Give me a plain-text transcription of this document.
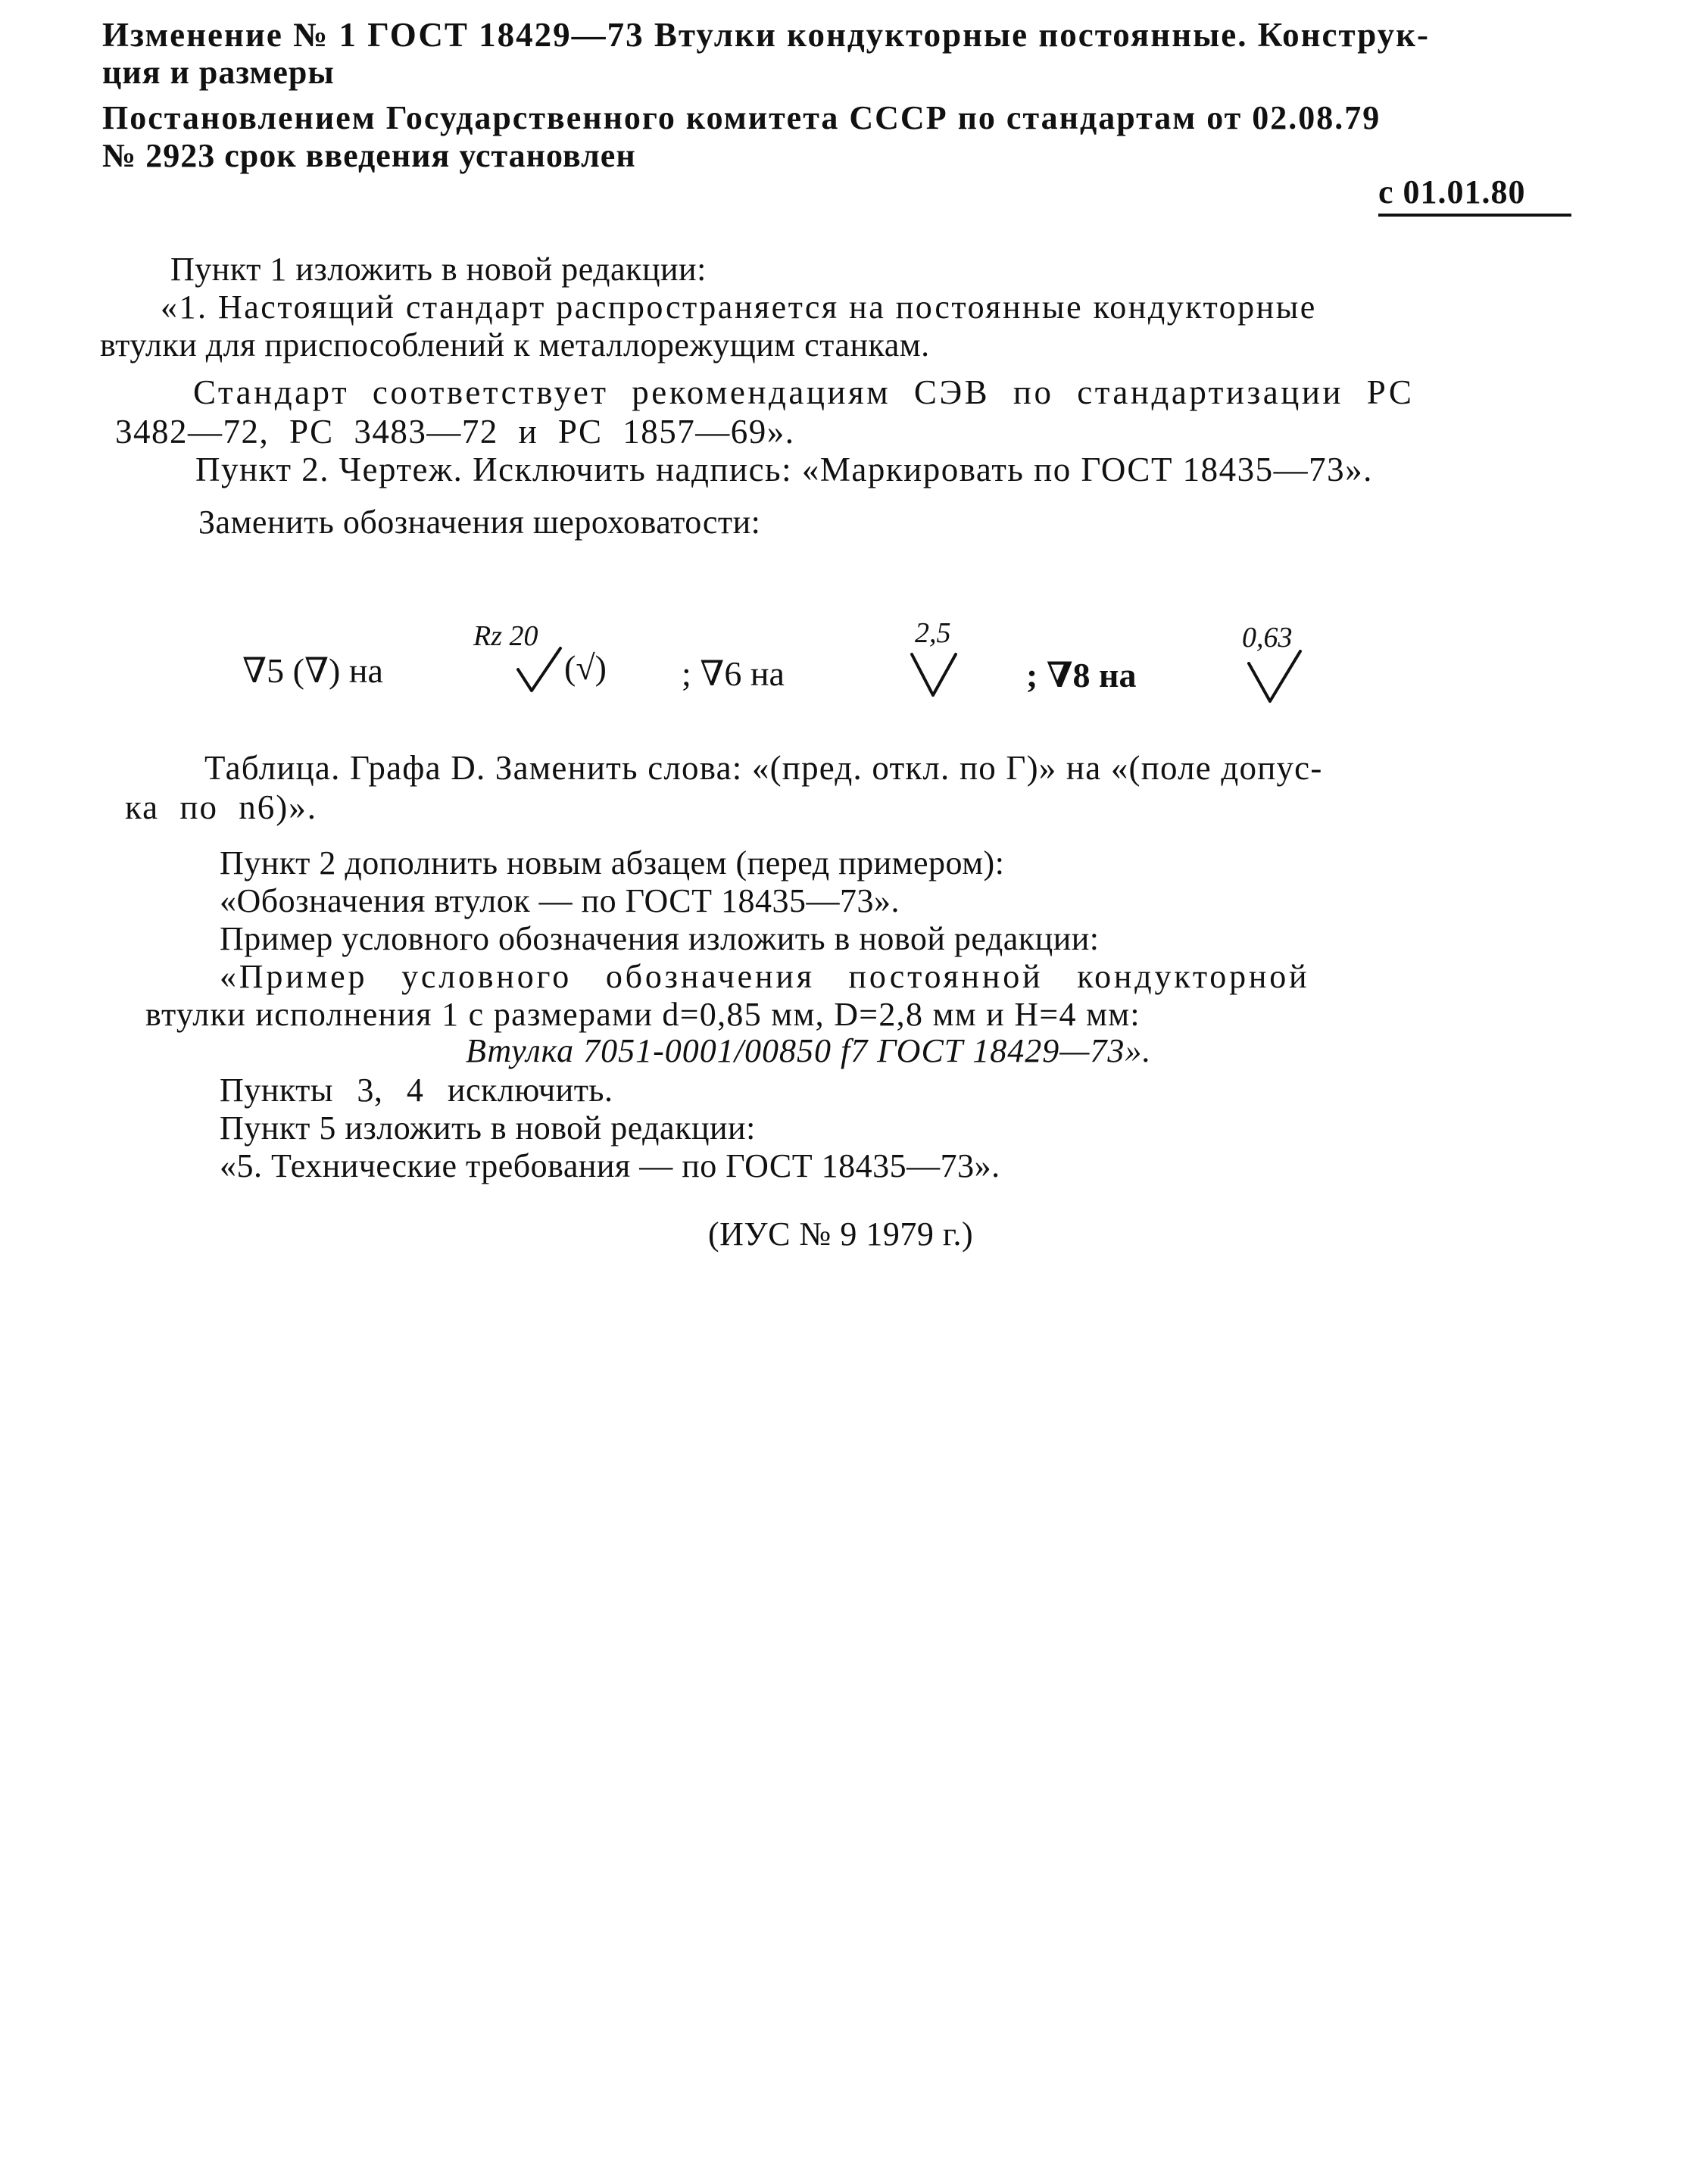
Изменение № 1 ГОСТ 18429—73 Втулки кондукторные постоянные. Конструк-
ция и размеры
Постановлением Государственного комитета СССР по стандартам от 02.08.79
№ 2923 срок введения установлен
с 01.01.80
Пункт 1 изложить в новой редакции:
«1. Настоящий стандарт распространяется на постоянные кондукторные
втулки для приспособлений к металлорежущим станкам.
Стандарт соответствует рекомендациям СЭВ по стандартизации РС
3482—72, РС 3483—72 и РС 1857—69».
Пункт 2. Чертеж. Исключить надпись: «Маркировать по ГОСТ 18435—73».
Заменить обозначения шероховатости:
∇5 (∇) на
Rz 20
(√) ; ∇6 на
2,5
; ∇8 на
0,63
Таблица. Графа D. Заменить слова: «(пред. откл. по Г)» на «(поле допус-
ка по n6)».
Пункт 2 дополнить новым абзацем (перед примером):
«Обозначения втулок — по ГОСТ 18435—73».
Пример условного обозначения изложить в новой редакции:
«Пример условного обозначения постоянной кондукторной
втулки исполнения 1 с размерами d=0,85 мм, D=2,8 мм и H=4 мм:
Втулка 7051-0001/00850 f7 ГОСТ 18429—73».
Пункты 3, 4 исключить.
Пункт 5 изложить в новой редакции:
«5. Технические требования — по ГОСТ 18435—73».
(ИУС № 9 1979 г.)
